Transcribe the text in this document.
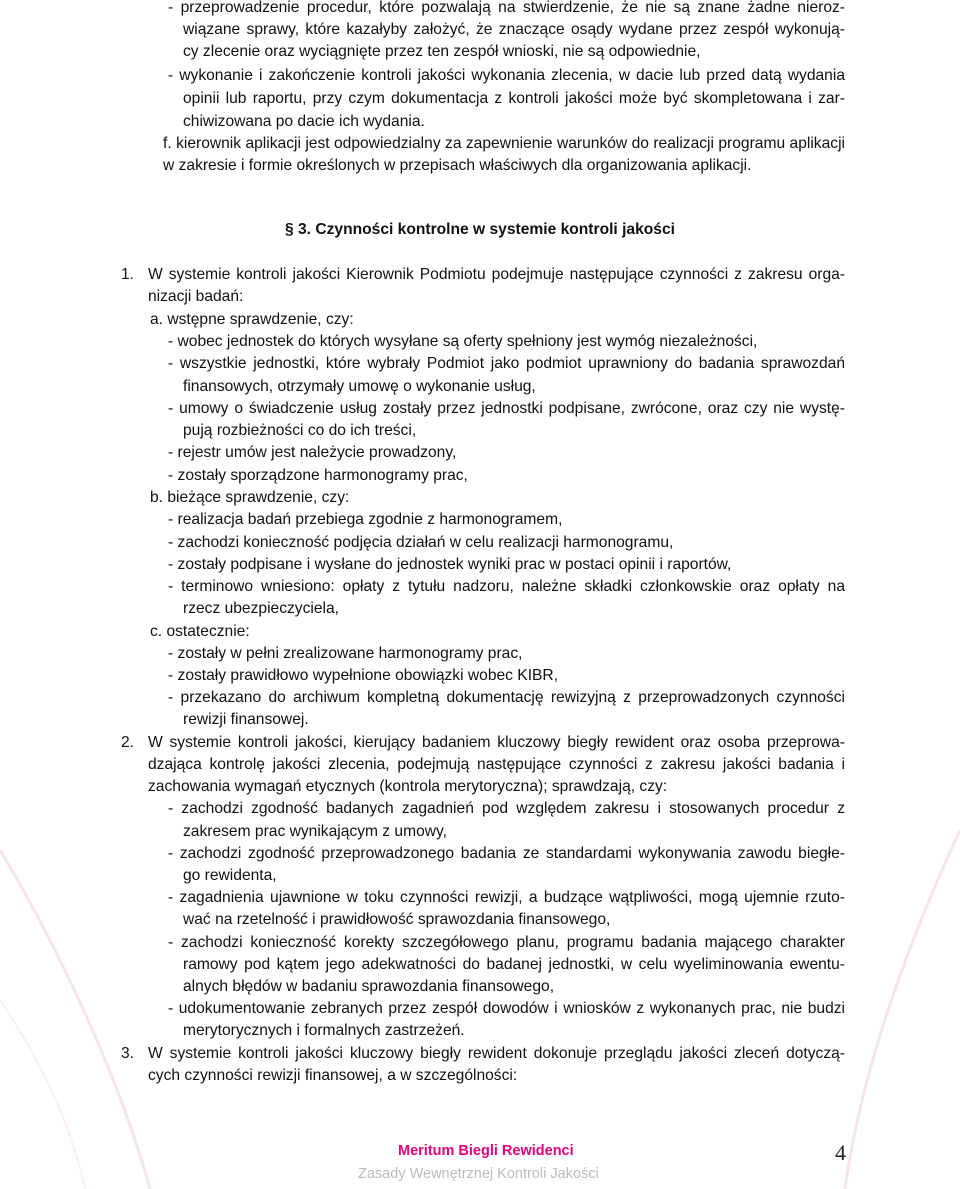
- przeprowadzenie procedur, które pozwalają na stwierdzenie, że nie są znane żadne nieroz-
wiązane sprawy, które kazałyby założyć, że znaczące osądy wydane przez zespół wykonują-
cy zlecenie oraz wyciągnięte przez ten zespół wnioski, nie są odpowiednie,
- wykonanie i zakończenie kontroli jakości wykonania zlecenia, w dacie lub przed datą wydania
opinii lub raportu, przy czym dokumentacja z kontroli jakości może być skompletowana i zar-
chiwizowana po dacie ich wydania.
f. kierownik aplikacji jest odpowiedzialny za zapewnienie warunków do realizacji programu aplikacji
w zakresie i formie określonych w przepisach właściwych dla organizowania aplikacji.
§ 3. Czynności kontrolne w systemie kontroli jakości
1. W systemie kontroli jakości Kierownik Podmiotu podejmuje następujące czynności z zakresu orga-
nizacji badań:
a. wstępne sprawdzenie, czy:
- wobec jednostek do których wysyłane są oferty spełniony jest wymóg niezależności,
- wszystkie jednostki, które wybrały Podmiot jako podmiot uprawniony do badania sprawozdań
finansowych, otrzymały umowę o wykonanie usług,
- umowy o świadczenie usług zostały przez jednostki podpisane, zwrócone, oraz czy nie wystę-
pują rozbieżności co do ich treści,
- rejestr umów jest należycie prowadzony,
- zostały sporządzone harmonogramy prac,
b. bieżące sprawdzenie, czy:
- realizacja badań przebiega zgodnie z harmonogramem,
- zachodzi konieczność podjęcia działań w celu realizacji harmonogramu,
- zostały podpisane i wysłane do jednostek wyniki prac w postaci opinii i raportów,
- terminowo wniesiono: opłaty z tytułu nadzoru, należne składki członkowskie oraz opłaty na
rzecz ubezpieczyciela,
c. ostatecznie:
- zostały w pełni zrealizowane harmonogramy prac,
- zostały prawidłowo wypełnione obowiązki wobec KIBR,
- przekazano do archiwum kompletną dokumentację rewizyjną z przeprowadzonych czynności
rewizji finansowej.
2. W systemie kontroli jakości, kierujący badaniem kluczowy biegły rewident oraz osoba przeprowa-
dzająca kontrolę jakości zlecenia, podejmują następujące czynności z zakresu jakości badania i
zachowania wymagań etycznych (kontrola merytoryczna); sprawdzają, czy:
- zachodzi zgodność badanych zagadnień pod względem zakresu i stosowanych procedur z
zakresem prac wynikającym z umowy,
- zachodzi zgodność przeprowadzonego badania ze standardami wykonywania zawodu biegłe-
go rewidenta,
- zagadnienia ujawnione w toku czynności rewizji, a budzące wątpliwości, mogą ujemnie rzuto-
wać na rzetelność i prawidłowość sprawozdania finansowego,
- zachodzi konieczność korekty szczegółowego planu, programu badania mającego charakter
ramowy pod kątem jego adekwatności do badanej jednostki, w celu wyeliminowania ewentu-
alnych błędów w badaniu sprawozdania finansowego,
- udokumentowanie zebranych przez zespół dowodów i wniosków z wykonanych prac, nie budzi
merytorycznych i formalnych zastrzeżeń.
3. W systemie kontroli jakości kluczowy biegły rewident dokonuje przeglądu jakości zleceń dotyczą-
cych czynności rewizji finansowej, a w szczególności:
Meritum Biegli Rewidenci
Zasady Wewnętrznej Kontroli Jakości
4
